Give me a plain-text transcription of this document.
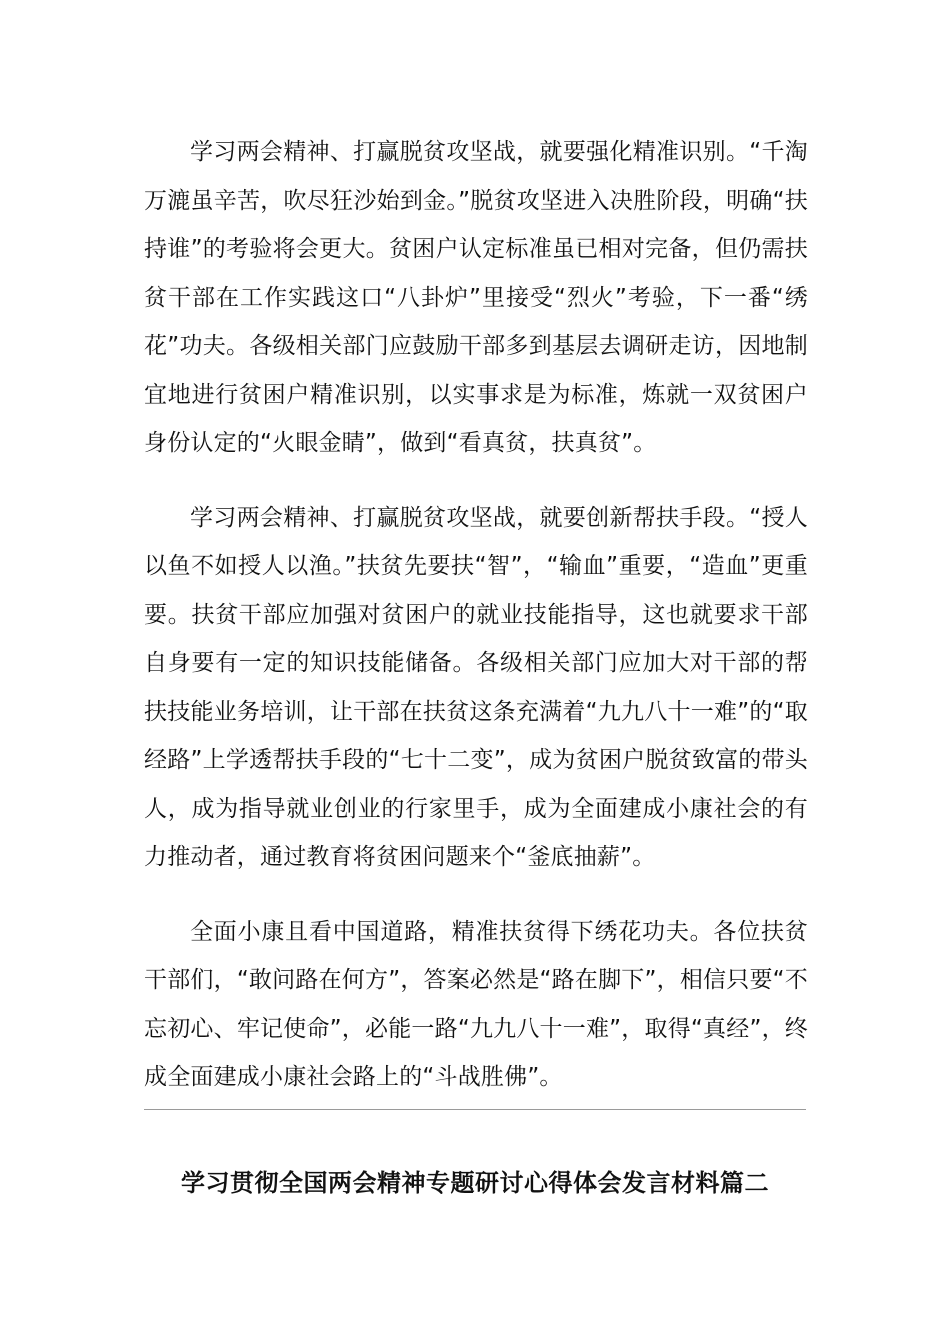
学习两会精神、打赢脱贫攻坚战，就要强化精准识别。“千淘万漉虽辛苦，吹尽狂沙始到金。”脱贫攻坚进入决胜阶段，明确“扶持谁”的考验将会更大。贫困户认定标准虽已相对完备，但仍需扶贫干部在工作实践这口“八卦炉”里接受“烈火”考验，下一番“绣花”功夫。各级相关部门应鼓励干部多到基层去调研走访，因地制宜地进行贫困户精准识别，以实事求是为标准，炼就一双贫困户身份认定的“火眼金睛”，做到“看真贫，扶真贫”。

学习两会精神、打赢脱贫攻坚战，就要创新帮扶手段。“授人以鱼不如授人以渔。”扶贫先要扶“智”，“输血”重要，“造血”更重要。扶贫干部应加强对贫困户的就业技能指导，这也就要求干部自身要有一定的知识技能储备。各级相关部门应加大对干部的帮扶技能业务培训，让干部在扶贫这条充满着“九九八十一难”的“取经路”上学透帮扶手段的“七十二变”，成为贫困户脱贫致富的带头人，成为指导就业创业的行家里手，成为全面建成小康社会的有力推动者，通过教育将贫困问题来个“釜底抽薪”。

全面小康且看中国道路，精准扶贫得下绣花功夫。各位扶贫干部们，“敢问路在何方”，答案必然是“路在脚下”，相信只要“不忘初心、牢记使命”，必能一路“九九八十一难”，取得“真经”，终成全面建成小康社会路上的“斗战胜佛”。

学习贯彻全国两会精神专题研讨心得体会发言材料篇二
